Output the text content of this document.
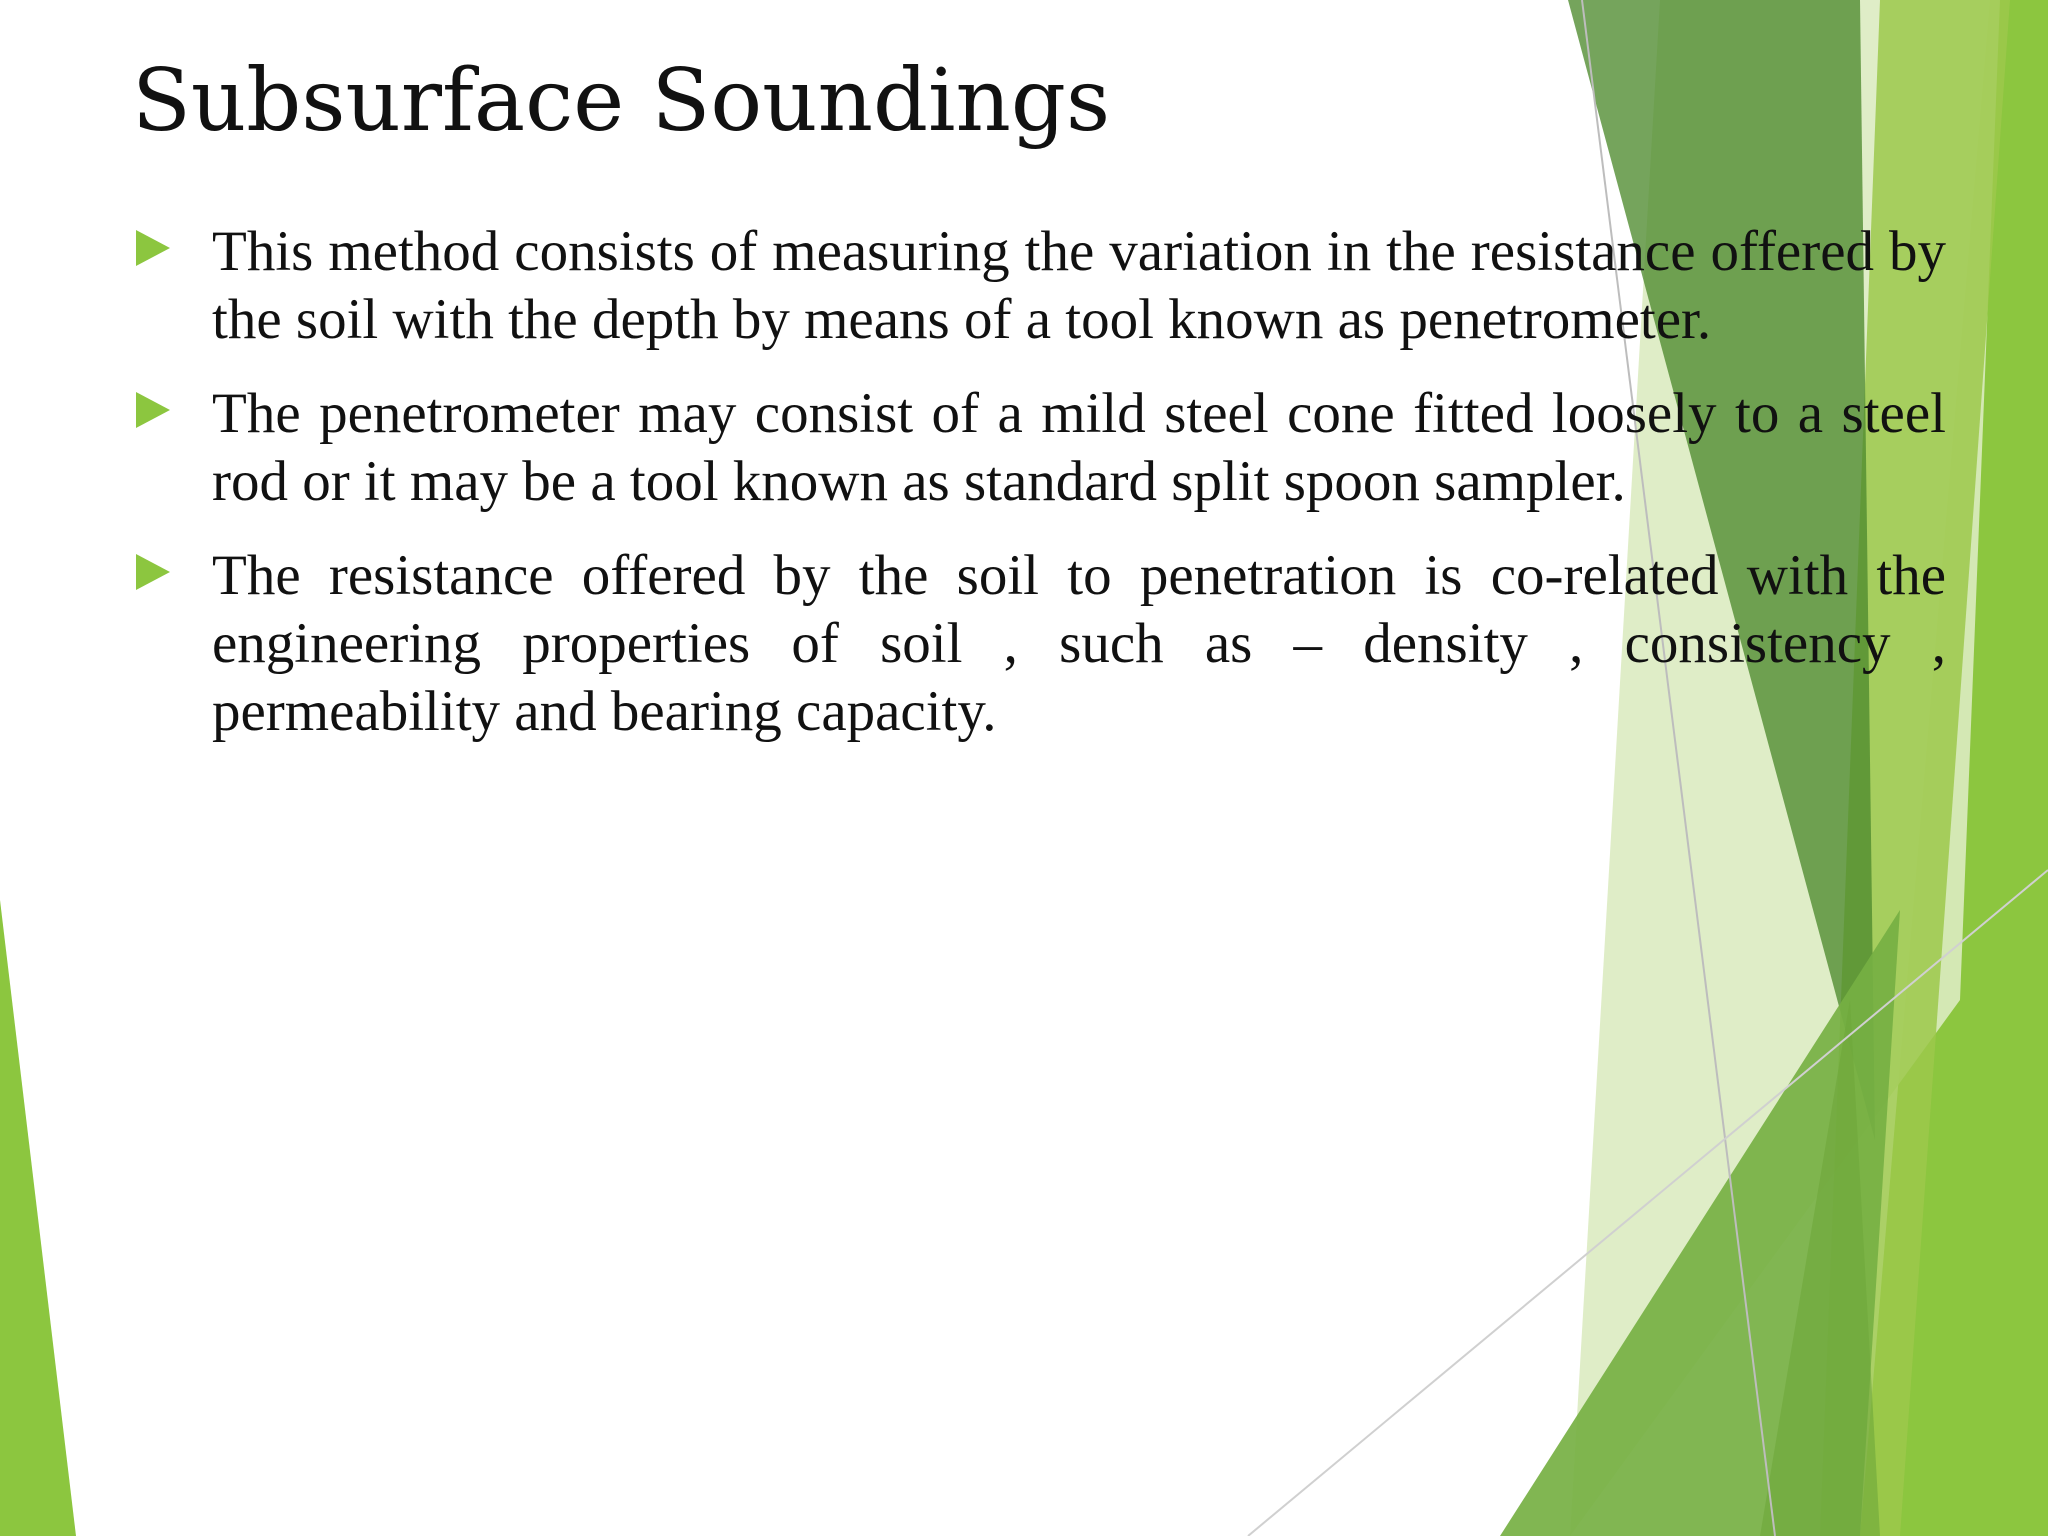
Subsurface Soundings
This method consists of measuring the variation in the resistance offered by the soil with the depth by means of a tool known as penetrometer.
The penetrometer may consist of a mild steel cone fitted loosely to a steel rod or it may be a tool known as standard split spoon sampler.
The resistance offered by the soil to penetration is co-related with the engineering properties of soil , such as – density , consistency , permeability and bearing capacity.
